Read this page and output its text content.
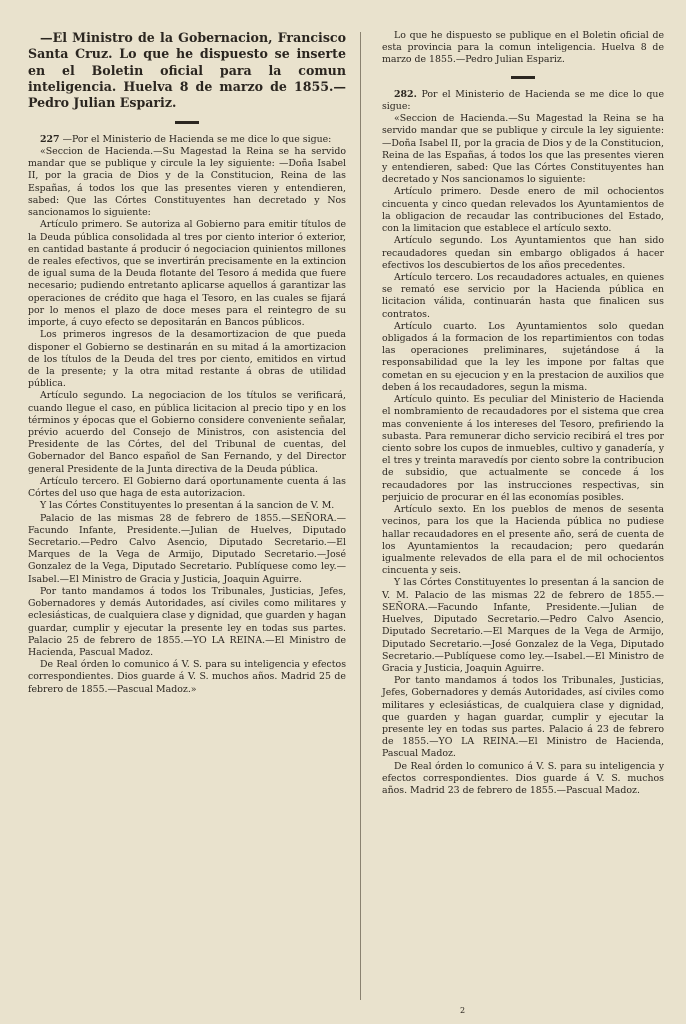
—El Ministro de la Gobernacion, Francisco Santa Cruz. Lo que he dispuesto se inserte en el Boletin oficial para la comun inteligencia. Huelva 8 de marzo de 1855.—Pedro Julian Espariz.

227 —Por el Ministerio de Hacienda se me dice lo que sigue:

«Seccion de Hacienda.—Su Magestad la Reina se ha servido mandar que se publique y circule la ley siguiente: —Doña Isabel II, por la gracia de Dios y de la Constitucion, Reina de las Españas, á todos los que las presentes vieren y entendieren, sabed: Que las Córtes Constituyentes han decretado y Nos sancionamos lo siguiente:

Artículo primero. Se autoriza al Gobierno para emitir títulos de la Deuda pública consolidada al tres por ciento interior ó exterior, en cantidad bastante á producir ó negociacion quinientos millones de reales efectivos, que se invertirán precisamente en la extincion de igual suma de la Deuda flotante del Tesoro á medida que fuere necesario; pudiendo entretanto aplicarse aquellos á garantizar las operaciones de crédito que haga el Tesoro, en las cuales se fijará por lo menos el plazo de doce meses para el reintegro de su importe, á cuyo efecto se depositarán en Bancos públicos.

Los primeros ingresos de la desamortizacion de que pueda disponer el Gobierno se destinarán en su mitad á la amortizacion de los títulos de la Deuda del tres por ciento, emitidos en virtud de la presente; y la otra mitad restante á obras de utilidad pública.

Artículo segundo. La negociacion de los títulos se verificará, cuando llegue el caso, en pública licitacion al precio tipo y en los términos y épocas que el Gobierno considere conveniente señalar, prévio acuerdo del Consejo de Ministros, con asistencia del Presidente de las Córtes, del del Tribunal de cuentas, del Gobernador del Banco español de San Fernando, y del Director general Presidente de la Junta directiva de la Deuda pública.

Artículo tercero. El Gobierno dará oportunamente cuenta á las Córtes del uso que haga de esta autorizacion.

Y las Córtes Constituyentes lo presentan á la sancion de V. M.

Palacio de las mismas 28 de febrero de 1855.—SEÑORA.—Facundo Infante, Presidente.—Julian de Huelves, Diputado Secretario.—Pedro Calvo Asencio, Diputado Secretario.—El Marques de la Vega de Armijo, Diputado Secretario.—José Gonzalez de la Vega, Diputado Secretario. Publíquese como ley.—Isabel.—El Ministro de Gracia y Justicia, Joaquin Aguirre.

Por tanto mandamos á todos los Tribunales, Justicias, Jefes, Gobernadores y demás Autoridades, así civiles como militares y eclesiásticas, de cualquiera clase y dignidad, que guarden y hagan guardar, cumplir y ejecutar la presente ley en todas sus partes. Palacio 25 de febrero de 1855.—YO LA REINA.—El Ministro de Hacienda, Pascual Madoz.

De Real órden lo comunico á V. S. para su inteligencia y efectos correspondientes. Dios guarde á V. S. muchos años. Madrid 25 de febrero de 1855.—Pascual Madoz.»

Lo que he dispuesto se publique en el Boletin oficial de esta provincia para la comun inteligencia. Huelva 8 de marzo de 1855.—Pedro Julian Espariz.

282. Por el Ministerio de Hacienda se me dice lo que sigue:

«Seccion de Hacienda.—Su Magestad la Reina se ha servido mandar que se publique y circule la ley siguiente: —Doña Isabel II, por la gracia de Dios y de la Constitucion, Reina de las Españas, á todos los que las presentes vieren y entendieren, sabed: Que las Córtes Constituyentes han decretado y Nos sancionamos lo siguiente:

Artículo primero. Desde enero de mil ochocientos cincuenta y cinco quedan relevados los Ayuntamientos de la obligacion de recaudar las contribuciones del Estado, con la limitacion que establece el artículo sexto.

Artículo segundo. Los Ayuntamientos que han sido recaudadores quedan sin embargo obligados á hacer efectivos los descubiertos de los años precedentes.

Artículo tercero. Los recaudadores actuales, en quienes se remató ese servicio por la Hacienda pública en licitacion válida, continuarán hasta que finalicen sus contratos.

Artículo cuarto. Los Ayuntamientos solo quedan obligados á la formacion de los repartimientos con todas las operaciones preliminares, sujetándose á la responsabilidad que la ley les impone por faltas que cometan en su ejecucion y en la prestacion de auxilios que deben á los recaudadores, segun la misma.

Artículo quinto. Es peculiar del Ministerio de Hacienda el nombramiento de recaudadores por el sistema que crea mas conveniente á los intereses del Tesoro, prefiriendo la subasta. Para remunerar dicho servicio recibirá el tres por ciento sobre los cupos de inmuebles, cultivo y ganadería, y el tres y treinta maravedís por ciento sobre la contribucion de subsidio, que actualmente se concede á los recaudadores por las instrucciones respectivas, sin perjuicio de procurar en él las economías posibles.

Artículo sexto. En los pueblos de menos de sesenta vecinos, para los que la Hacienda pública no pudiese hallar recaudadores en el presente año, será de cuenta de los Ayuntamientos la recaudacion; pero quedarán igualmente relevados de ella para el de mil ochocientos cincuenta y seis.

Y las Córtes Constituyentes lo presentan á la sancion de V. M. Palacio de las mismas 22 de febrero de 1855.—SEÑORA.—Facundo Infante, Presidente.—Julian de Huelves, Diputado Secretario.—Pedro Calvo Asencio, Diputado Secretario.—El Marques de la Vega de Armijo, Diputado Secretario.—José Gonzalez de la Vega, Diputado Secretario.—Publíquese como ley.—Isabel.—El Ministro de Gracia y Justicia, Joaquin Aguirre.

Por tanto mandamos á todos los Tribunales, Justicias, Jefes, Gobernadores y demás Autoridades, así civiles como militares y eclesiásticas, de cualquiera clase y dignidad, que guarden y hagan guardar, cumplir y ejecutar la presente ley en todas sus partes. Palacio á 23 de febrero de 1855.—YO LA REINA.—El Ministro de Hacienda, Pascual Madoz.

De Real órden lo comunico á V. S. para su inteligencia y efectos correspondientes. Dios guarde á V. S. muchos años. Madrid 23 de febrero de 1855.—Pascual Madoz.

2
